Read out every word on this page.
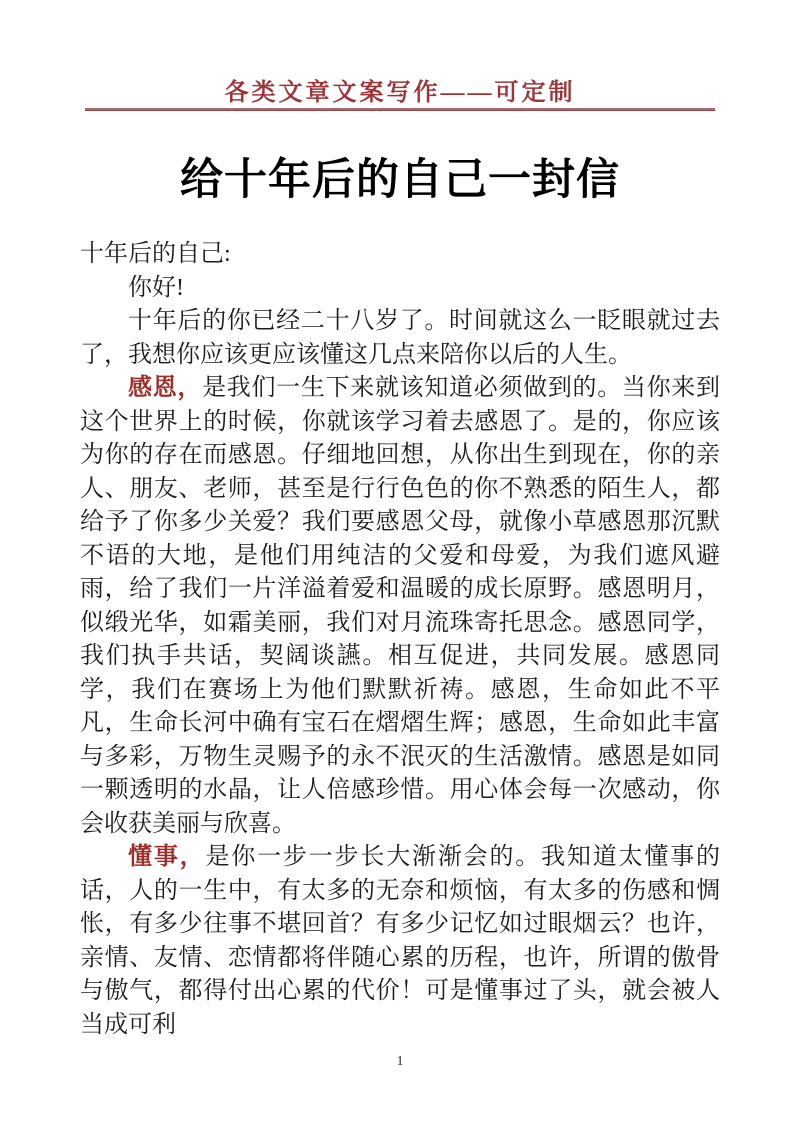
各类文章文案写作——可定制
给十年后的自己一封信

十年后的自己:

你好!

十年后的你已经二十八岁了。时间就这么一眨眼就过去了，我想你应该更应该懂这几点来陪你以后的人生。

感恩，是我们一生下来就该知道必须做到的。当你来到这个世界上的时候，你就该学习着去感恩了。是的，你应该为你的存在而感恩。仔细地回想，从你出生到现在，你的亲人、朋友、老师，甚至是行行色色的你不熟悉的陌生人，都给予了你多少关爱？我们要感恩父母，就像小草感恩那沉默不语的大地，是他们用纯洁的父爱和母爱，为我们遮风避雨，给了我们一片洋溢着爱和温暖的成长原野。感恩明月，似缎光华，如霜美丽，我们对月流珠寄托思念。感恩同学，我们执手共话，契阔谈讌。相互促进，共同发展。感恩同学，我们在赛场上为他们默默祈祷。感恩，生命如此不平凡，生命长河中确有宝石在熠熠生辉；感恩，生命如此丰富与多彩，万物生灵赐予的永不泯灭的生活激情。感恩是如同一颗透明的水晶，让人倍感珍惜。用心体会每一次感动，你会收获美丽与欣喜。

懂事，是你一步一步长大渐渐会的。我知道太懂事的话，人的一生中，有太多的无奈和烦恼，有太多的伤感和惆怅，有多少往事不堪回首？有多少记忆如过眼烟云？也许，亲情、友情、恋情都将伴随心累的历程，也许，所谓的傲骨与傲气，都得付出心累的代价！可是懂事过了头，就会被人当成可利

1
